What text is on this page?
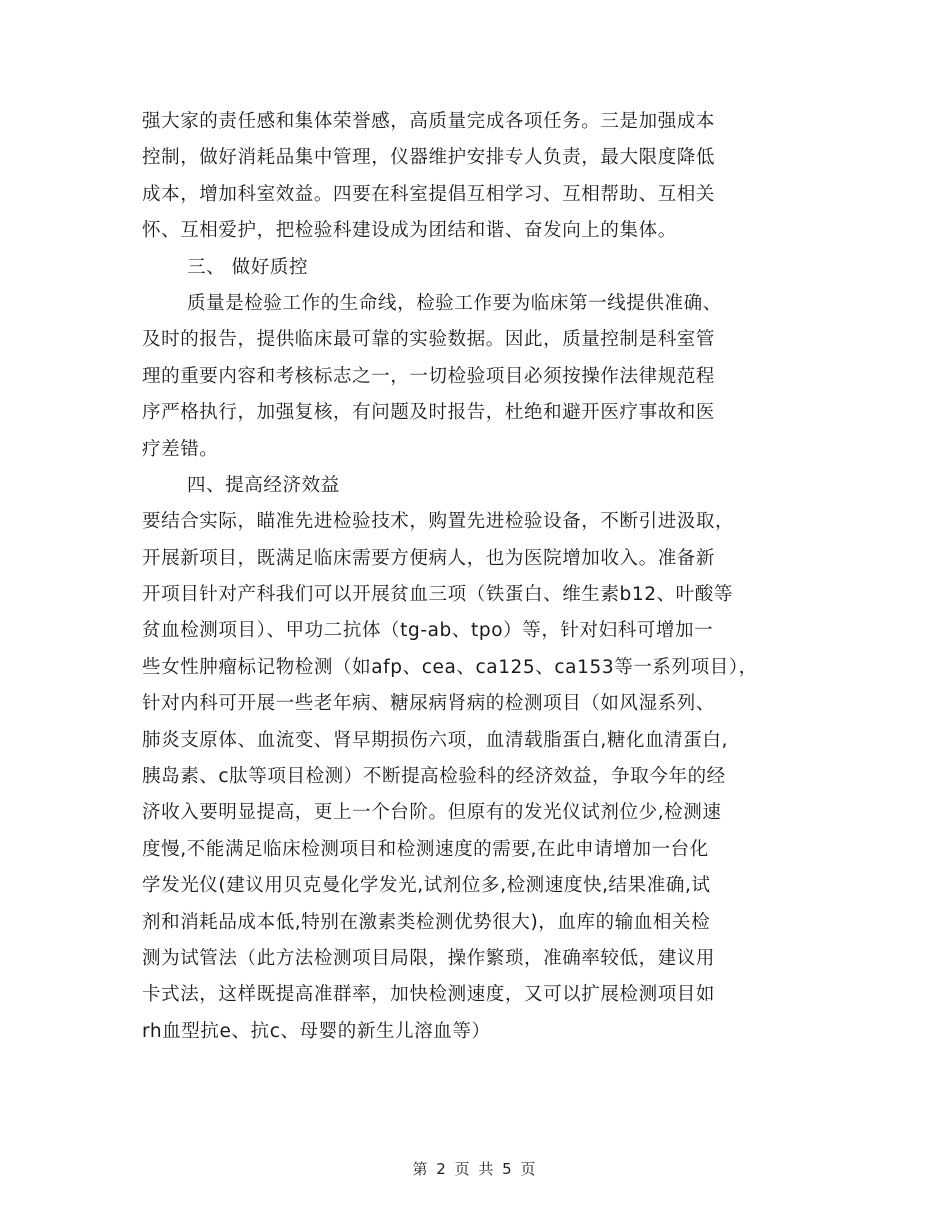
强大家的责任感和集体荣誉感，高质量完成各项任务。三是加强成本
控制，做好消耗品集中管理，仪器维护安排专人负责，最大限度降低
成本，增加科室效益。四要在科室提倡互相学习、互相帮助、互相关
怀、互相爱护，把检验科建设成为团结和谐、奋发向上的集体。
三、 做好质控
质量是检验工作的生命线，检验工作要为临床第一线提供准确、
及时的报告，提供临床最可靠的实验数据。因此，质量控制是科室管
理的重要内容和考核标志之一，一切检验项目必须按操作法律规范程
序严格执行，加强复核，有问题及时报告，杜绝和避开医疗事故和医
疗差错。
四、提高经济效益
要结合实际，瞄准先进检验技术，购置先进检验设备，不断引进汲取，
开展新项目，既满足临床需要方便病人，也为医院增加收入。准备新
开项目针对产科我们可以开展贫血三项（铁蛋白、维生素b12、叶酸等
贫血检测项目）、甲功二抗体（tg-ab、tpo）等，针对妇科可增加一
些女性肿瘤标记物检测（如afp、cea、ca125、ca153等一系列项目），
针对内科可开展一些老年病、糖尿病肾病的检测项目（如风湿系列、
肺炎支原体、血流变、肾早期损伤六项，血清载脂蛋白,糖化血清蛋白,
胰岛素、c肽等项目检测）不断提高检验科的经济效益，争取今年的经
济收入要明显提高，更上一个台阶。但原有的发光仪试剂位少,检测速
度慢,不能满足临床检测项目和检测速度的需要,在此申请增加一台化
学发光仪(建议用贝克曼化学发光,试剂位多,检测速度快,结果准确,试
剂和消耗品成本低,特别在激素类检测优势很大)，血库的输血相关检
测为试管法（此方法检测项目局限，操作繁琐，准确率较低，建议用
卡式法，这样既提高准群率，加快检测速度，又可以扩展检测项目如
rh血型抗e、抗c、母婴的新生儿溶血等）
第 2 页 共 5 页
